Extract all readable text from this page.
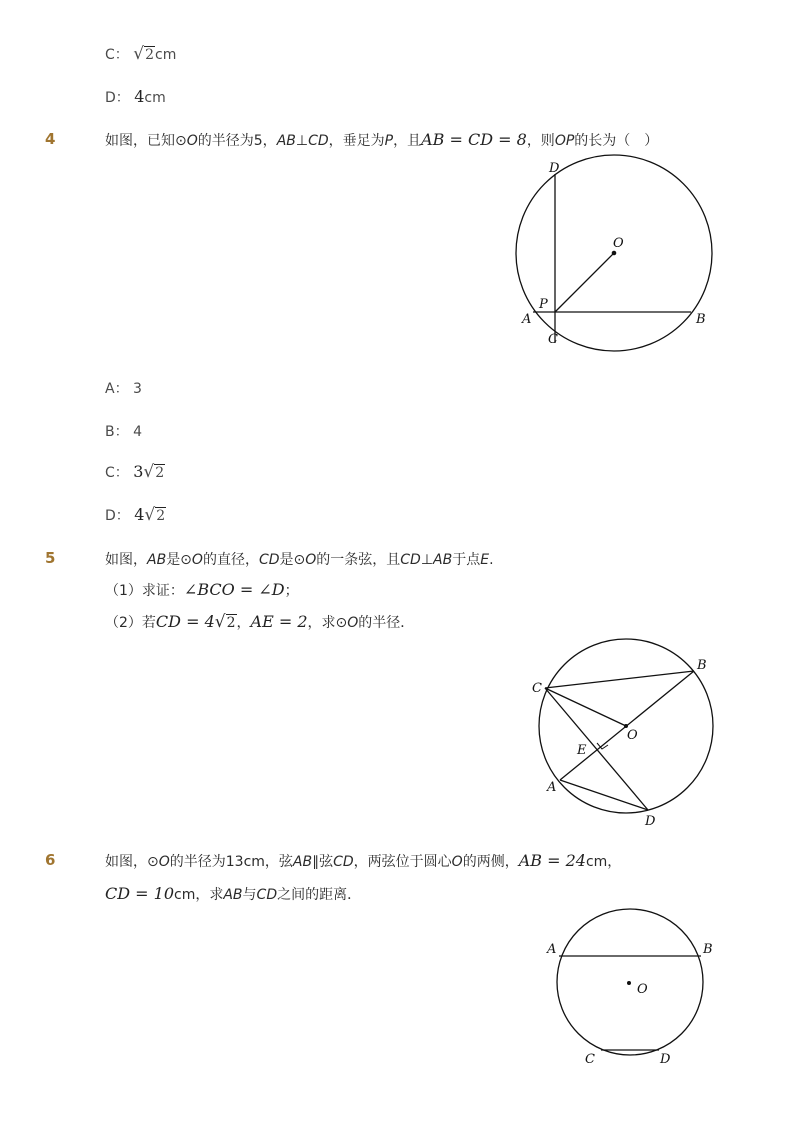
C： √2cm
D： 4cm
4	如图，已知⊙O的半径为5，AB⊥CD，垂足为P，且AB = CD = 8，则OP的长为（　）
D
O
P
A	B
C
A： 3
B： 4
C： 3√2
D： 4√2
5	如图，AB是⊙O的直径，CD是⊙O的一条弦，且CD⊥AB于点E.
（1）求证：∠BCO = ∠D；
（2）若CD = 4√2，AE = 2，求⊙O的半径．
C
B
O
E
A
D
6	如图，⊙O的半径为13cm，弦AB∥弦CD，两弦位于圆心O的两侧，AB = 24cm，
CD = 10cm，求AB与CD之间的距离．
A	B
O
C	D
